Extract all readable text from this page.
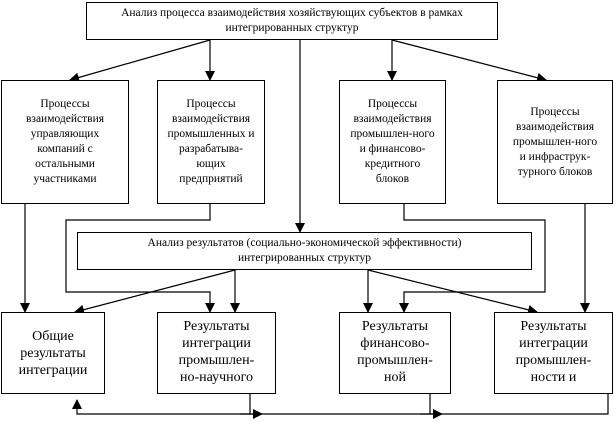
Анализ процесса взаимодействия хозяйствующих субъектов в рамках
интегрированных структур
Процессы
взаимодействия
управляющих
компаний с
остальными
участниками
Процессы
взаимодействия
промышленных и
разрабатыва-
ющих
предприятий
Процессы
взаимодействия
промышлен-ного
и финансово-
кредитного
блоков
Процессы
взаимодействия
промышлен-ного
и инфраструк-
турного блоков
Анализ результатов (социально-экономической эффективности)
интегрированных структур
Общие
результаты
интеграции
Результаты
интеграции
промышлен-
но-научного
Результаты
финансово-
промышлен-
ной
Результаты
интеграции
промышлен-
ности и
